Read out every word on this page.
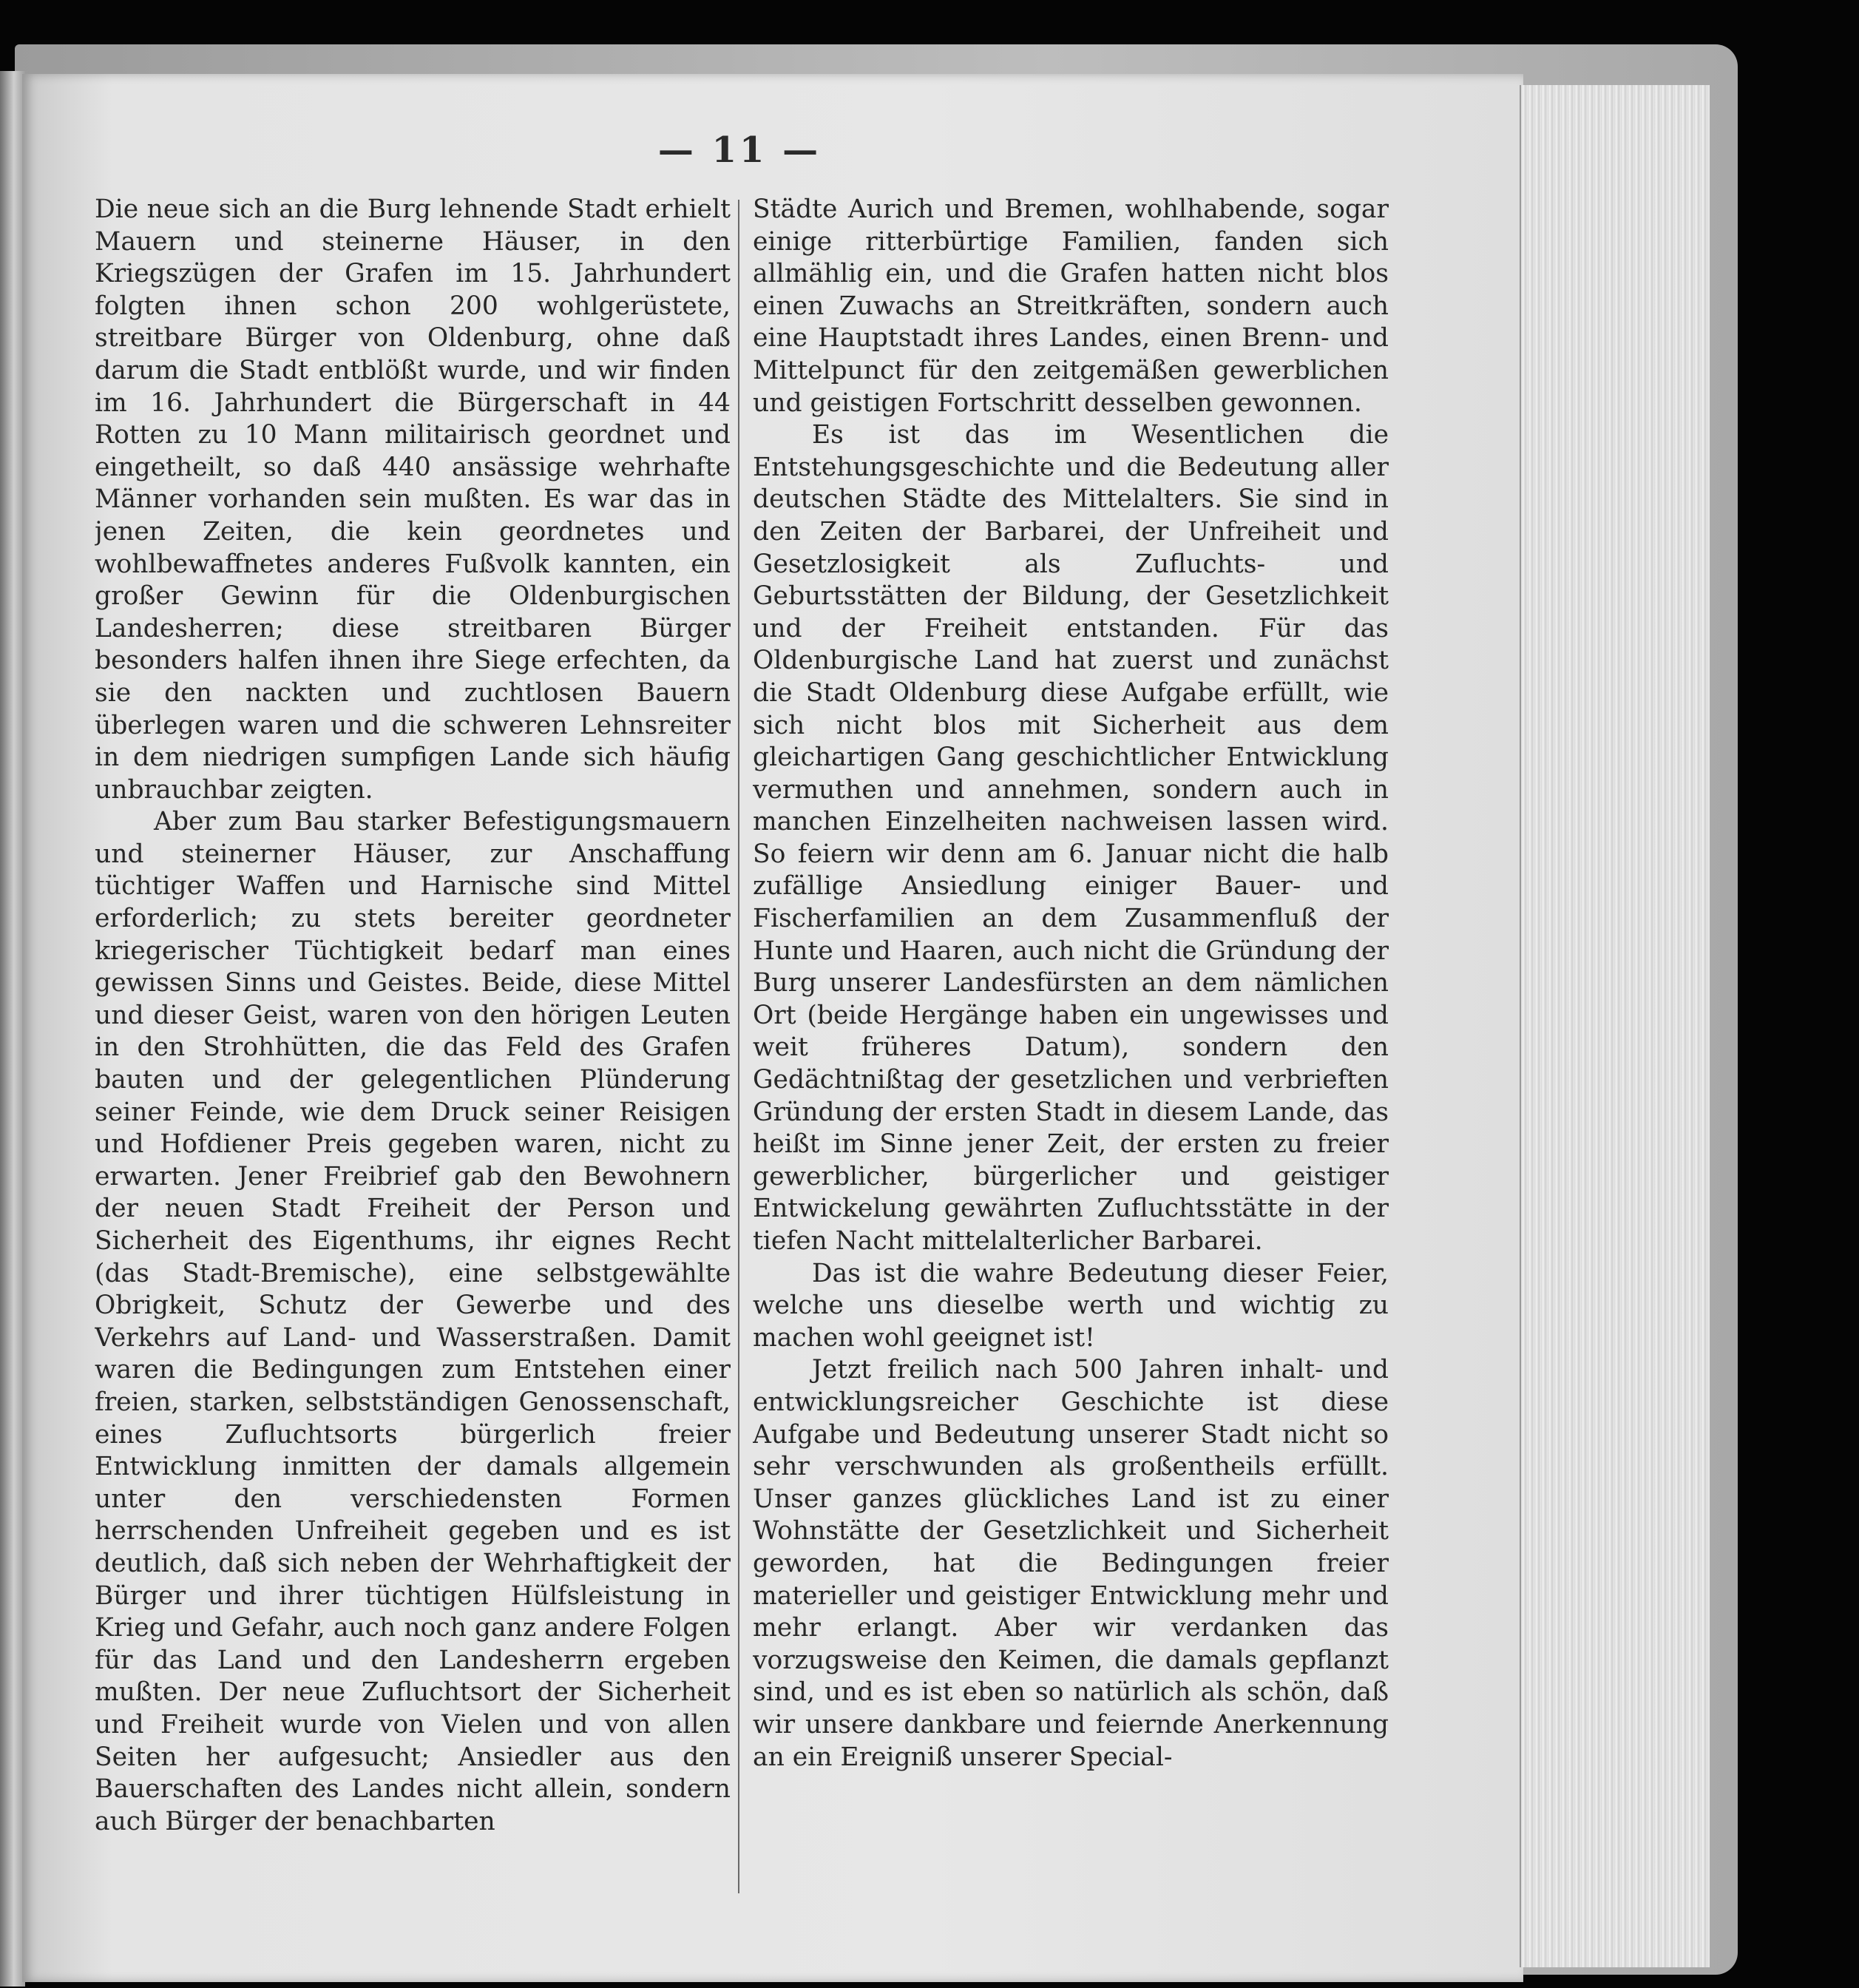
— 11 —

Die neue sich an die Burg lehnende Stadt erhielt Mauern und steinerne Häuser, in den Kriegszügen der Grafen im 15. Jahrhundert folgten ihnen schon 200 wohlgerüstete, streitbare Bürger von Oldenburg, ohne daß darum die Stadt entblößt wurde, und wir finden im 16. Jahrhundert die Bürgerschaft in 44 Rotten zu 10 Mann militairisch geordnet und eingetheilt, so daß 440 ansässige wehrhafte Männer vorhanden sein mußten. Es war das in jenen Zeiten, die kein geordnetes und wohlbewaffnetes anderes Fußvolk kannten, ein großer Gewinn für die Oldenburgischen Landesherren; diese streitbaren Bürger besonders halfen ihnen ihre Siege erfechten, da sie den nackten und zuchtlosen Bauern überlegen waren und die schweren Lehnsreiter in dem niedrigen sumpfigen Lande sich häufig unbrauchbar zeigten.

Aber zum Bau starker Befestigungsmauern und steinerner Häuser, zur Anschaffung tüchtiger Waffen und Harnische sind Mittel erforderlich; zu stets bereiter geordneter kriegerischer Tüchtigkeit bedarf man eines gewissen Sinns und Geistes. Beide, diese Mittel und dieser Geist, waren von den hörigen Leuten in den Strohhütten, die das Feld des Grafen bauten und der gelegentlichen Plünderung seiner Feinde, wie dem Druck seiner Reisigen und Hofdiener Preis gegeben waren, nicht zu erwarten. Jener Freibrief gab den Bewohnern der neuen Stadt Freiheit der Person und Sicherheit des Eigenthums, ihr eignes Recht (das Stadt-Bremische), eine selbstgewählte Obrigkeit, Schutz der Gewerbe und des Verkehrs auf Land- und Wasserstraßen. Damit waren die Bedingungen zum Entstehen einer freien, starken, selbstständigen Genossenschaft, eines Zufluchtsorts bürgerlich freier Entwicklung inmitten der damals allgemein unter den verschiedensten Formen herrschenden Unfreiheit gegeben und es ist deutlich, daß sich neben der Wehrhaftigkeit der Bürger und ihrer tüchtigen Hülfsleistung in Krieg und Gefahr, auch noch ganz andere Folgen für das Land und den Landesherrn ergeben mußten. Der neue Zufluchtsort der Sicherheit und Freiheit wurde von Vielen und von allen Seiten her aufgesucht; Ansiedler aus den Bauerschaften des Landes nicht allein, sondern auch Bürger der benachbarten

Städte Aurich und Bremen, wohlhabende, sogar einige ritterbürtige Familien, fanden sich allmählig ein, und die Grafen hatten nicht blos einen Zuwachs an Streitkräften, sondern auch eine Hauptstadt ihres Landes, einen Brenn- und Mittelpunct für den zeitgemäßen gewerblichen und geistigen Fortschritt desselben gewonnen.

Es ist das im Wesentlichen die Entstehungsgeschichte und die Bedeutung aller deutschen Städte des Mittelalters. Sie sind in den Zeiten der Barbarei, der Unfreiheit und Gesetzlosigkeit als Zufluchts- und Geburtsstätten der Bildung, der Gesetzlichkeit und der Freiheit entstanden. Für das Oldenburgische Land hat zuerst und zunächst die Stadt Oldenburg diese Aufgabe erfüllt, wie sich nicht blos mit Sicherheit aus dem gleichartigen Gang geschichtlicher Entwicklung vermuthen und annehmen, sondern auch in manchen Einzelheiten nachweisen lassen wird. So feiern wir denn am 6. Januar nicht die halb zufällige Ansiedlung einiger Bauer- und Fischerfamilien an dem Zusammenfluß der Hunte und Haaren, auch nicht die Gründung der Burg unserer Landesfürsten an dem nämlichen Ort (beide Hergänge haben ein ungewisses und weit früheres Datum), sondern den Gedächtnißtag der gesetzlichen und verbrieften Gründung der ersten Stadt in diesem Lande, das heißt im Sinne jener Zeit, der ersten zu freier gewerblicher, bürgerlicher und geistiger Entwickelung gewährten Zufluchtsstätte in der tiefen Nacht mittelalterlicher Barbarei.

Das ist die wahre Bedeutung dieser Feier, welche uns dieselbe werth und wichtig zu machen wohl geeignet ist!

Jetzt freilich nach 500 Jahren inhalt- und entwicklungsreicher Geschichte ist diese Aufgabe und Bedeutung unserer Stadt nicht so sehr verschwunden als großentheils erfüllt. Unser ganzes glückliches Land ist zu einer Wohnstätte der Gesetzlichkeit und Sicherheit geworden, hat die Bedingungen freier materieller und geistiger Entwicklung mehr und mehr erlangt. Aber wir verdanken das vorzugsweise den Keimen, die damals gepflanzt sind, und es ist eben so natürlich als schön, daß wir unsere dankbare und feiernde Anerkennung an ein Ereigniß unserer Special-
